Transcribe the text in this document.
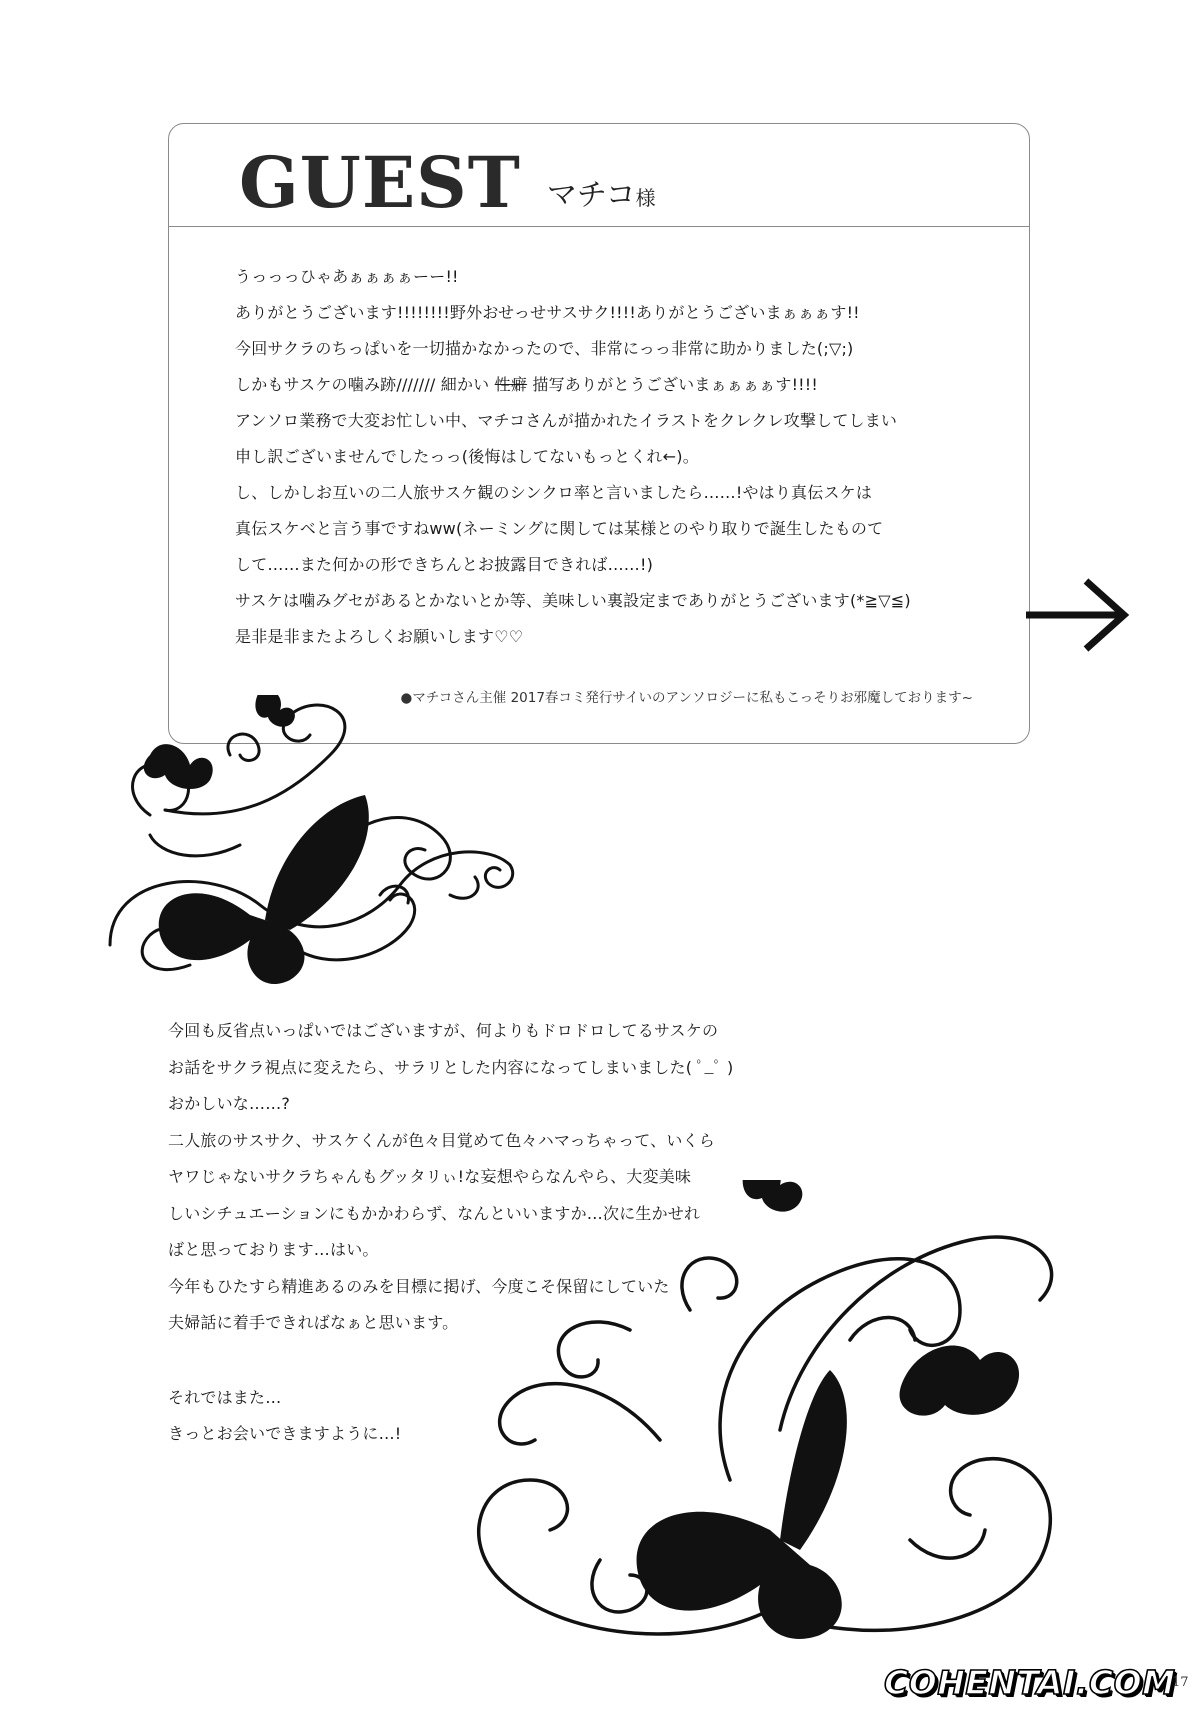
GUEST マチコ様
うっっっひゃあぁぁぁぁーー!!
ありがとうございます!!!!!!!!野外おせっせサスサク!!!!ありがとうございまぁぁぁす!!
今回サクラのちっぱいを一切描かなかったので、非常にっっ非常に助かりました(;▽;)
しかもサスケの噛み跡/////// 細かい 性癖 描写ありがとうございまぁぁぁぁす!!!!
アンソロ業務で大変お忙しい中、マチコさんが描かれたイラストをクレクレ攻撃してしまい
申し訳ございませんでしたっっ(後悔はしてないもっとくれ←)。
し、しかしお互いの二人旅サスケ観のシンクロ率と言いましたら……!やはり真伝スケは
真伝スケベと言う事ですねww(ネーミングに関しては某様とのやり取りで誕生したものて
して……また何かの形できちんとお披露目できれば……!)
サスケは噛みグセがあるとかないとか等、美味しい裏設定までありがとうございます(*≧▽≦)
是非是非またよろしくお願いします♡♡
●マチコさん主催 2017春コミ発行サイいのアンソロジーに私もこっそりお邪魔しております~
今回も反省点いっぱいではございますが、何よりもドロドロしてるサスケの
お話をサクラ視点に変えたら、サラリとした内容になってしまいました( ﾟ_ﾟ )
おかしいな……?
二人旅のサスサク、サスケくんが色々目覚めて色々ハマっちゃって、いくら
ヤワじゃないサクラちゃんもグッタリぃ!な妄想やらなんやら、大変美味
しいシチュエーションにもかかわらず、なんといいますか…次に生かせれ
ばと思っております…はい。
今年もひたすら精進あるのみを目標に掲げ、今度こそ保留にしていた
夫婦話に着手できればなぁと思います。
それではまた…
きっとお会いできますように…!
COHENTAI.COM
17
